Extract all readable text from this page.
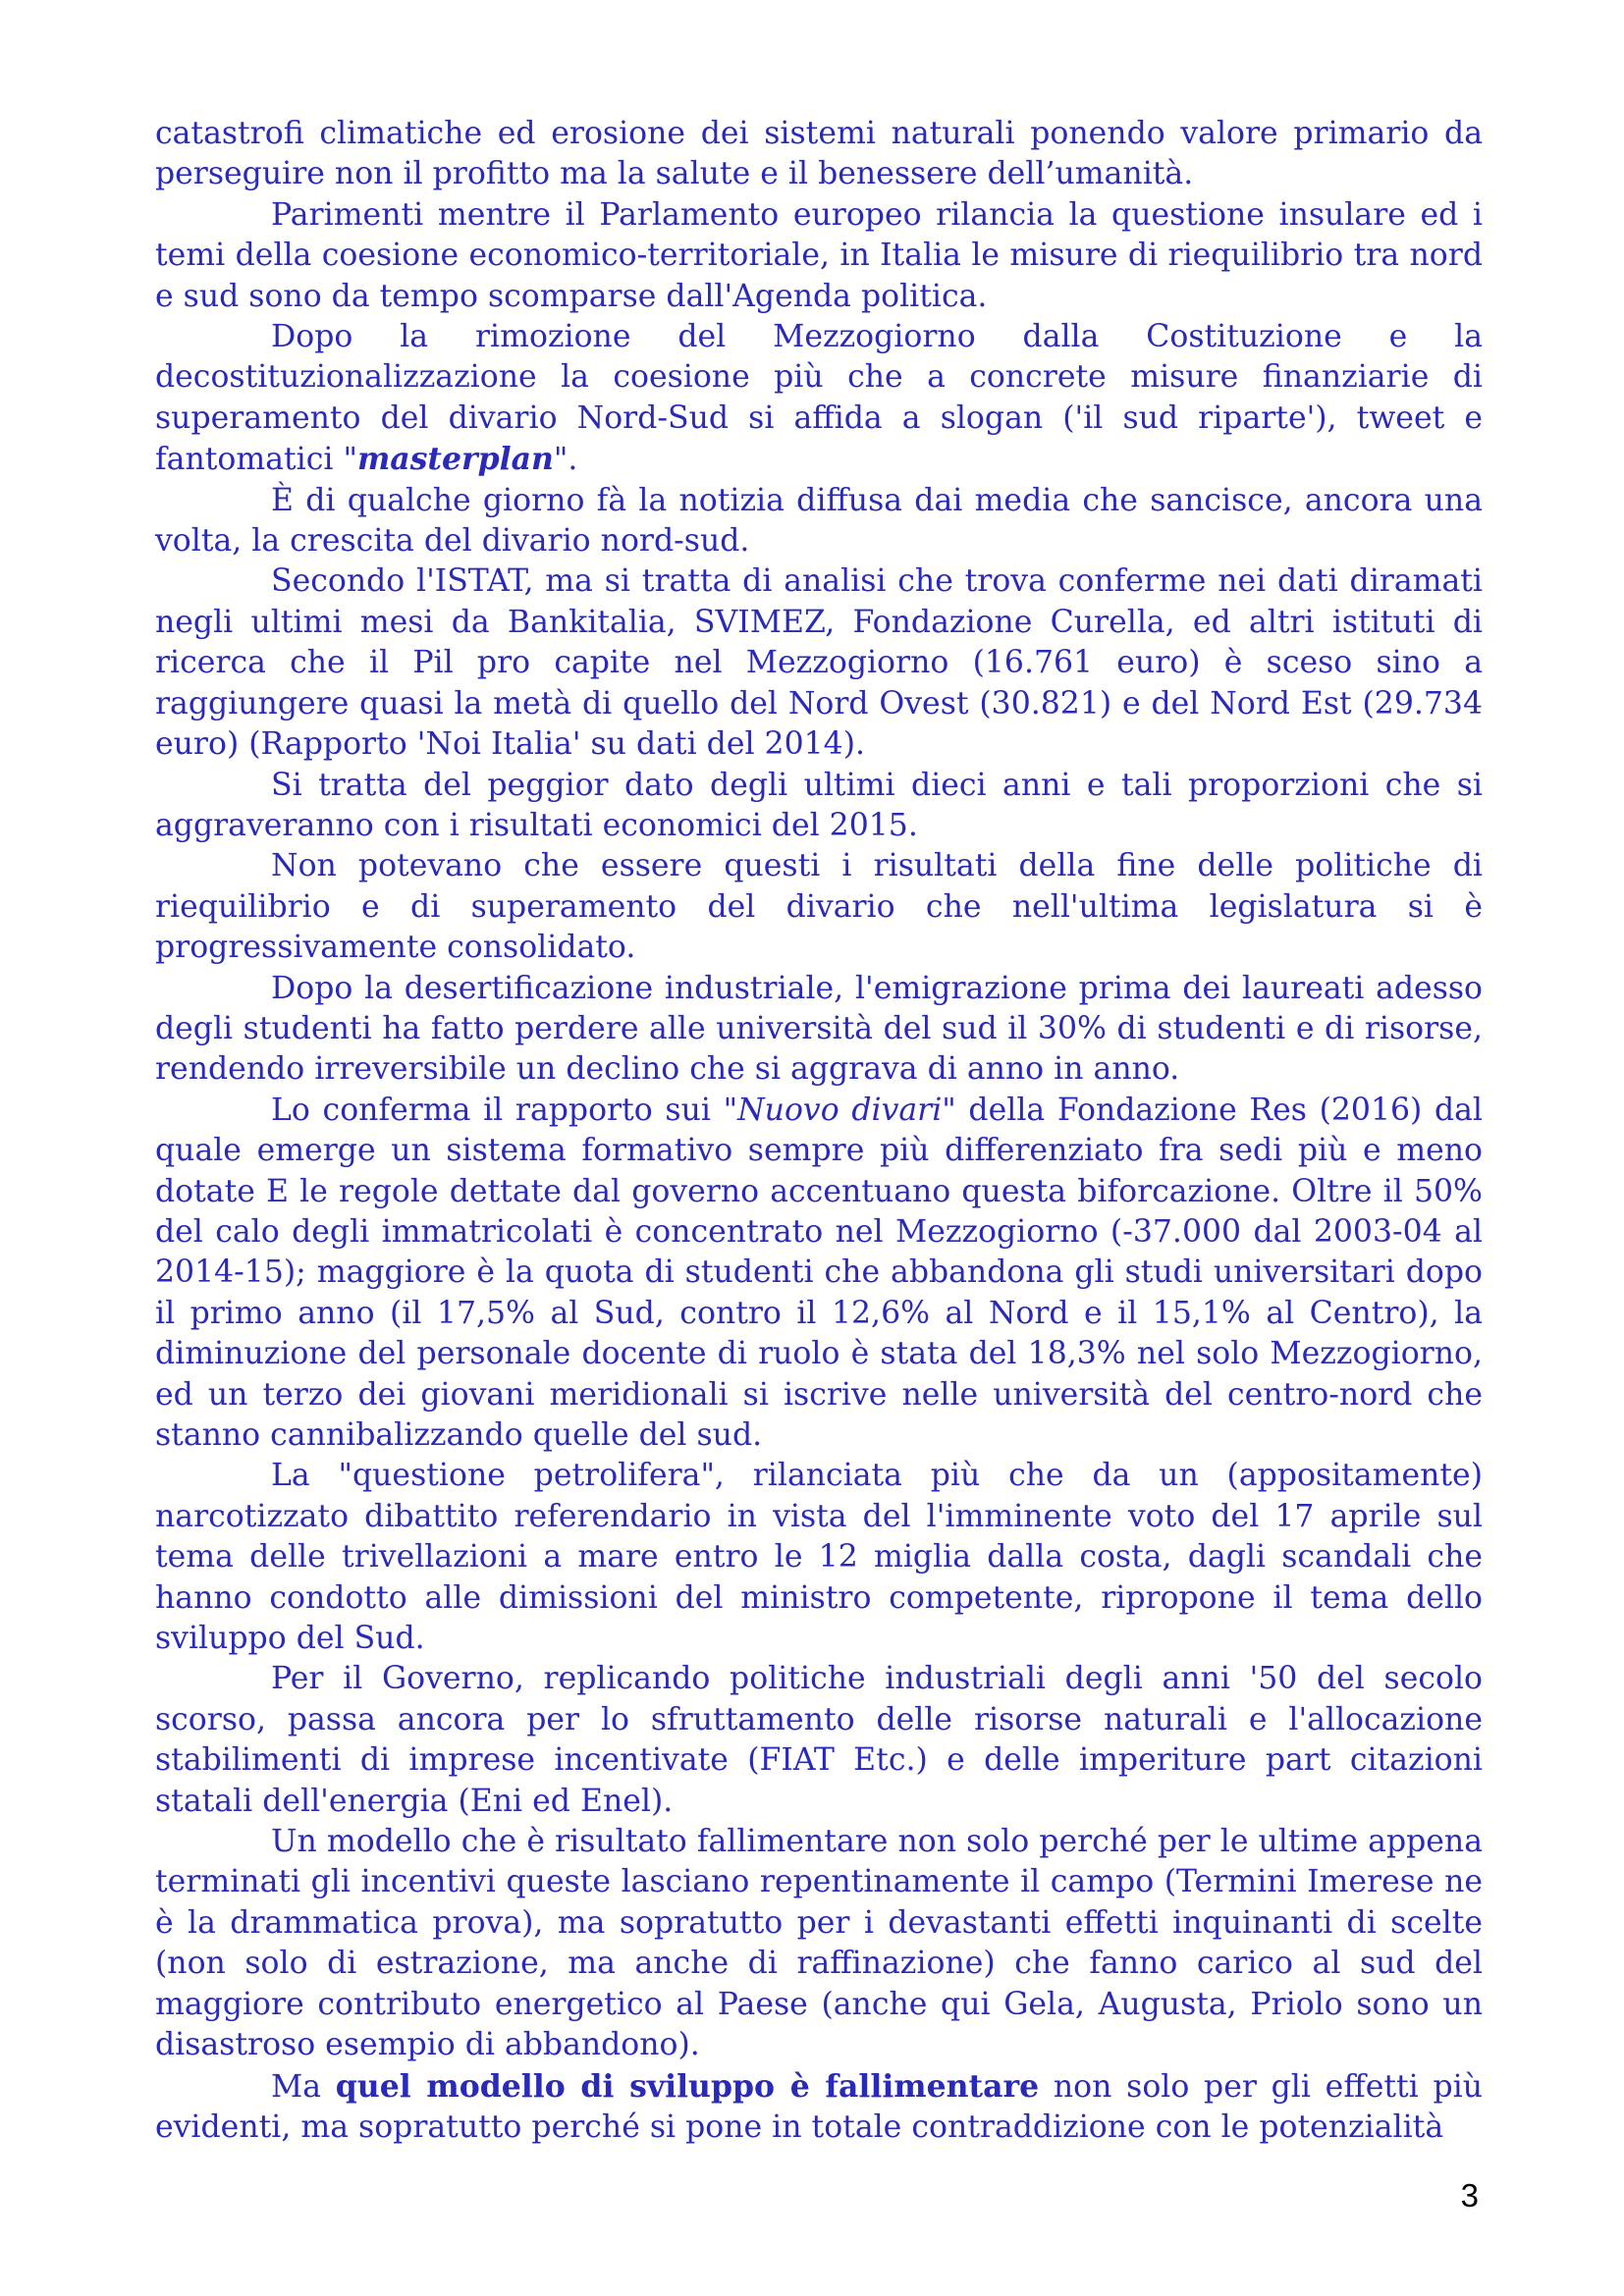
catastrofi climatiche ed erosione dei sistemi naturali ponendo valore primario da perseguire non il profitto ma la salute e il benessere dell’umanità.

Parimenti mentre il Parlamento europeo rilancia la questione insulare ed i temi della coesione economico-territoriale, in Italia le misure di riequilibrio tra nord e sud sono da tempo scomparse dall'Agenda politica.

Dopo la rimozione del Mezzogiorno dalla Costituzione e la decostituzionalizzazione la coesione più che a concrete misure finanziarie di superamento del divario Nord-Sud si affida a slogan ('il sud riparte'), tweet e fantomatici "masterplan".

È di qualche giorno fà la notizia diffusa dai media che sancisce, ancora una volta, la crescita del divario nord-sud.

Secondo l'ISTAT, ma si tratta di analisi che trova conferme nei dati diramati negli ultimi mesi da Bankitalia, SVIMEZ, Fondazione Curella, ed altri istituti di ricerca che il Pil pro capite nel Mezzogiorno (16.761 euro) è sceso sino a raggiungere quasi la metà di quello del Nord Ovest (30.821) e del Nord Est (29.734 euro) (Rapporto 'Noi Italia' su dati del 2014).

Si tratta del peggior dato degli ultimi dieci anni e tali proporzioni che si aggraveranno con i risultati economici del 2015.

Non potevano che essere questi i risultati della fine delle politiche di riequilibrio e di superamento del divario che nell'ultima legislatura si è progressivamente consolidato.

Dopo la desertificazione industriale, l'emigrazione prima dei laureati adesso degli studenti ha fatto perdere alle università del sud il 30% di studenti e di risorse, rendendo irreversibile un declino che si aggrava di anno in anno.

Lo conferma il rapporto sui "Nuovo divari" della Fondazione Res (2016) dal quale emerge un sistema formativo sempre più differenziato fra sedi più e meno dotate E le regole dettate dal governo accentuano questa biforcazione. Oltre il 50% del calo degli immatricolati è concentrato nel Mezzogiorno (-37.000 dal 2003-04 al 2014-15); maggiore è la quota di studenti che abbandona gli studi universitari dopo il primo anno (il 17,5% al Sud, contro il 12,6% al Nord e il 15,1% al Centro), la diminuzione del personale docente di ruolo è stata del 18,3% nel solo Mezzogiorno, ed un terzo dei giovani meridionali si iscrive nelle università del centro-nord che stanno cannibalizzando quelle del sud.

La "questione petrolifera", rilanciata più che da un (appositamente) narcotizzato dibattito referendario in vista del l'imminente voto del 17 aprile sul tema delle trivellazioni a mare entro le 12 miglia dalla costa, dagli scandali che hanno condotto alle dimissioni del ministro competente, ripropone il tema dello sviluppo del Sud.

Per il Governo, replicando politiche industriali degli anni '50 del secolo scorso, passa ancora per lo sfruttamento delle risorse naturali e l'allocazione stabilimenti di imprese incentivate (FIAT Etc.) e delle imperiture part citazioni statali dell'energia (Eni ed Enel).

Un modello che è risultato fallimentare non solo perché per le ultime appena terminati gli incentivi queste lasciano repentinamente il campo (Termini Imerese ne è la drammatica prova), ma sopratutto per i devastanti effetti inquinanti di scelte (non solo di estrazione, ma anche di raffinazione) che fanno carico al sud del maggiore contributo energetico al Paese (anche qui Gela, Augusta, Priolo sono un disastroso esempio di abbandono).

Ma quel modello di sviluppo è fallimentare non solo per gli effetti più evidenti, ma sopratutto perché si pone in totale contraddizione con le potenzialità

3
